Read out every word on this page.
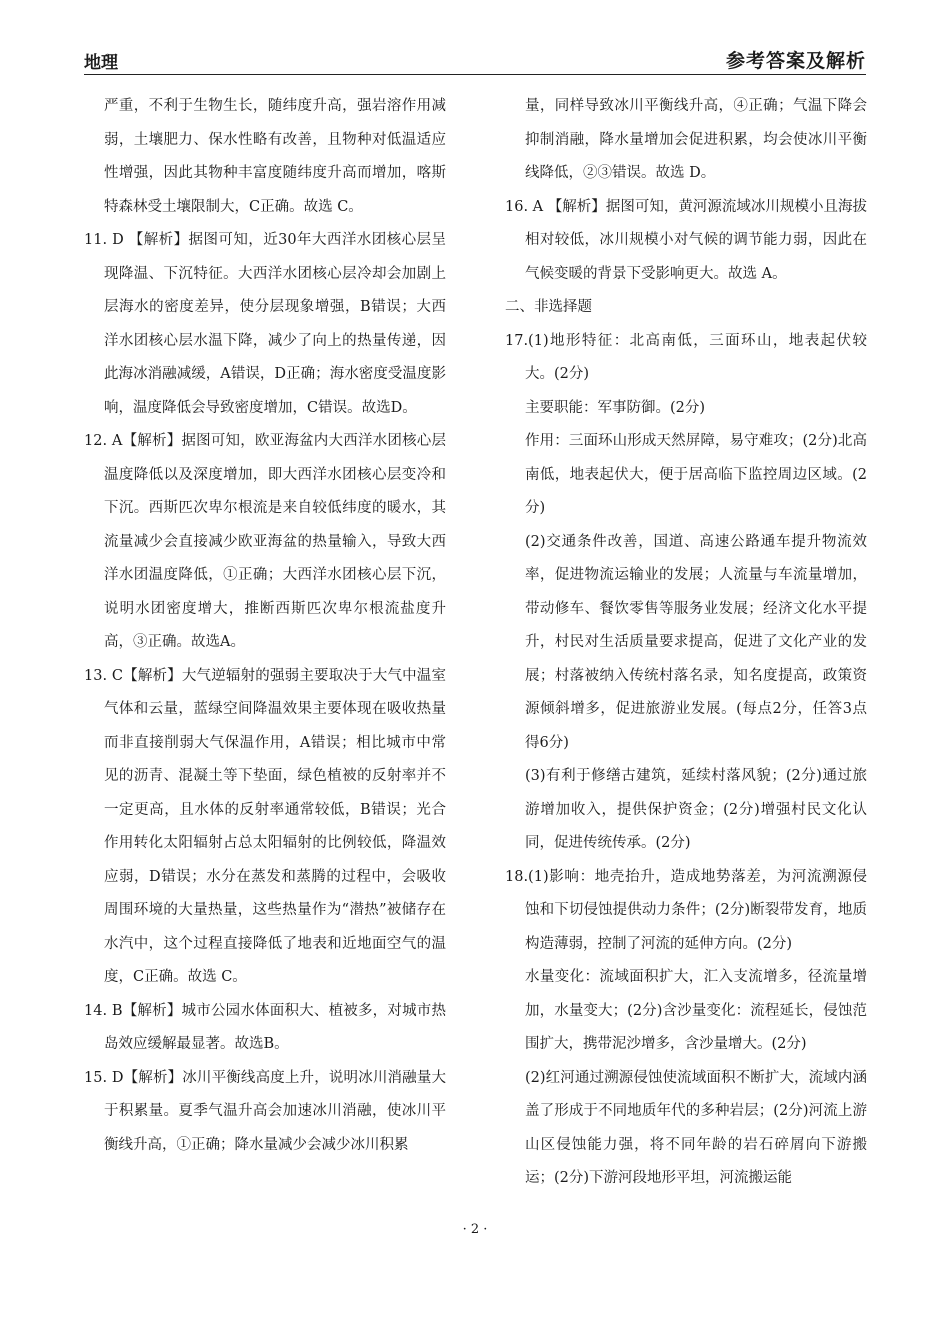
地理	参考答案及解析

严重，不利于生物生长，随纬度升高，强岩溶作用减弱，土壤肥力、保水性略有改善，且物种对低温适应性增强，因此其物种丰富度随纬度升高而增加，喀斯特森林受土壤限制大，C正确。故选 C。

11. D 【解析】据图可知，近30年大西洋水团核心层呈现降温、下沉特征。大西洋水团核心层冷却会加剧上层海水的密度差异，使分层现象增强，B错误；大西洋水团核心层水温下降，减少了向上的热量传递，因此海冰消融减缓，A错误，D正确；海水密度受温度影响，温度降低会导致密度增加，C错误。故选D。

12. A【解析】据图可知，欧亚海盆内大西洋水团核心层温度降低以及深度增加，即大西洋水团核心层变冷和下沉。西斯匹次卑尔根流是来自较低纬度的暖水，其流量减少会直接减少欧亚海盆的热量输入，导致大西洋水团温度降低，①正确；大西洋水团核心层下沉，说明水团密度增大，推断西斯匹次卑尔根流盐度升高，③正确。故选A。

13. C【解析】大气逆辐射的强弱主要取决于大气中温室气体和云量，蓝绿空间降温效果主要体现在吸收热量而非直接削弱大气保温作用，A错误；相比城市中常见的沥青、混凝土等下垫面，绿色植被的反射率并不一定更高，且水体的反射率通常较低，B错误；光合作用转化太阳辐射占总太阳辐射的比例较低，降温效应弱，D错误；水分在蒸发和蒸腾的过程中，会吸收周围环境的大量热量，这些热量作为“潜热”被储存在水汽中，这个过程直接降低了地表和近地面空气的温度，C正确。故选 C。

14. B【解析】城市公园水体面积大、植被多，对城市热岛效应缓解最显著。故选B。

15. D【解析】冰川平衡线高度上升，说明冰川消融量大于积累量。夏季气温升高会加速冰川消融，使冰川平衡线升高，①正确；降水量减少会减少冰川积累

量，同样导致冰川平衡线升高，④正确；气温下降会抑制消融，降水量增加会促进积累，均会使冰川平衡线降低，②③错误。故选 D。

16. A 【解析】据图可知，黄河源流域冰川规模小且海拔相对较低，冰川规模小对气候的调节能力弱，因此在气候变暖的背景下受影响更大。故选 A。

二、非选择题

17.(1)地形特征：北高南低，三面环山，地表起伏较大。(2分)

主要职能：军事防御。(2分)

作用：三面环山形成天然屏障，易守难攻；(2分)北高南低，地表起伏大，便于居高临下监控周边区域。(2分)

(2)交通条件改善，国道、高速公路通车提升物流效率，促进物流运输业的发展；人流量与车流量增加，带动修车、餐饮零售等服务业发展；经济文化水平提升，村民对生活质量要求提高，促进了文化产业的发展；村落被纳入传统村落名录，知名度提高，政策资源倾斜增多，促进旅游业发展。(每点2分，任答3点得6分)

(3)有利于修缮古建筑，延续村落风貌；(2分)通过旅游增加收入，提供保护资金；(2分)增强村民文化认同，促进传统传承。(2分)

18.(1)影响：地壳抬升，造成地势落差，为河流溯源侵蚀和下切侵蚀提供动力条件；(2分)断裂带发育，地质构造薄弱，控制了河流的延伸方向。(2分)

水量变化：流域面积扩大，汇入支流增多，径流量增加，水量变大；(2分)含沙量变化：流程延长，侵蚀范围扩大，携带泥沙增多，含沙量增大。(2分)

(2)红河通过溯源侵蚀使流域面积不断扩大，流域内涵盖了形成于不同地质年代的多种岩层；(2分)河流上游山区侵蚀能力强，将不同年龄的岩石碎屑向下游搬运；(2分)下游河段地形平坦，河流搬运能

· 2 ·
